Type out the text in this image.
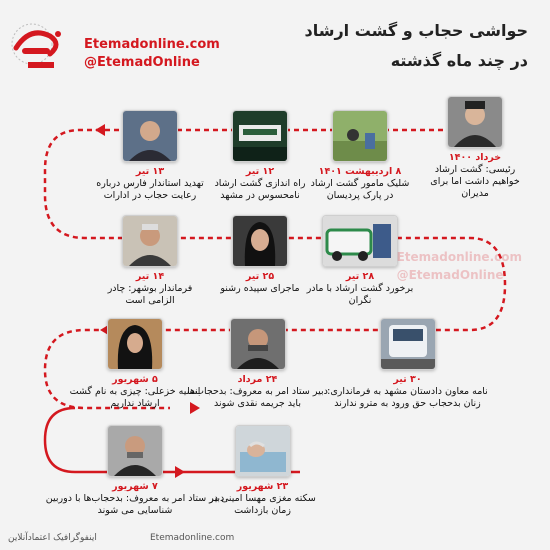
Etemadonline.com
@EtemadOnline
حواشی حجاب و گشت ارشاد
در چند ماه گذشته
خرداد ۱۴۰۰
رئیسی: گشت ارشاد خواهیم داشت اما برای مدیران
۸ اردیبهشت ۱۴۰۱
شلیک مامور گشت ارشاد در پارک پردیسان
۱۲ تیر
راه اندازی گشت ارشاد نامحسوس در مشهد
۱۳ تیر
تهدید استاندار فارس درباره رعایت حجاب در ادارات
۱۴ تیر
فرماندار بوشهر: چادر الزامی است
۲۵ تیر
ماجرای سپیده رشنو
۲۸ تیر
برخورد گشت ارشاد با مادر نگران
Etemadonline.com
@EtemadOnline
۳۰ تیر
نامه معاون دادستان مشهد به فرمانداری: زنان بدحجاب حق ورود به مترو ندارند
۲۴ مرداد
دبیر ستاد امر به معروف: بدحجاب‌ها باید جریمه نقدی شوند
۵ شهریور
انسیه خزعلی: چیزی به نام گشت ارشاد نداریم
۷ شهریور
دبیر ستاد امر به معروف: بدحجاب‌ها با دوربین شناسایی می شوند
۲۳ شهریور
سکته مغزی مهسا امینی در زمان بازداشت
اینفوگرافیک اعتمادآنلاین	Etemadonline.com
